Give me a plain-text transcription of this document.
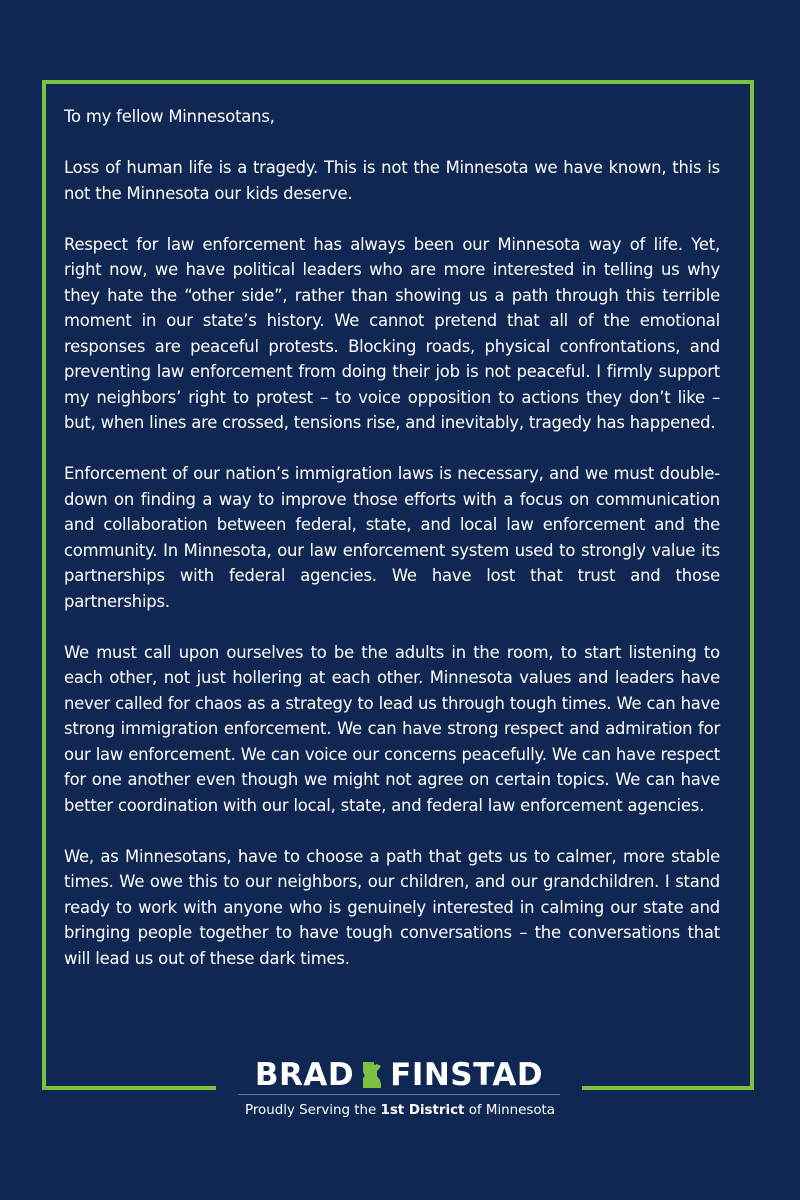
To my fellow Minnesotans,

Loss of human life is a tragedy. This is not the Minnesota we have known, this is not the Minnesota our kids deserve.

Respect for law enforcement has always been our Minnesota way of life. Yet, right now, we have political leaders who are more interested in telling us why they hate the “other side”, rather than showing us a path through this terrible moment in our state’s history. We cannot pretend that all of the emotional responses are peaceful protests. Blocking roads, physical confrontations, and preventing law enforcement from doing their job is not peaceful. I firmly support my neighbors’ right to protest – to voice opposition to actions they don’t like – but, when lines are crossed, tensions rise, and inevitably, tragedy has happened.

Enforcement of our nation’s immigration laws is necessary, and we must double-down on finding a way to improve those efforts with a focus on communication and collaboration between federal, state, and local law enforcement and the community. In Minnesota, our law enforcement system used to strongly value its partnerships with federal agencies. We have lost that trust and those partnerships.

We must call upon ourselves to be the adults in the room, to start listening to each other, not just hollering at each other. Minnesota values and leaders have never called for chaos as a strategy to lead us through tough times. We can have strong immigration enforcement. We can have strong respect and admiration for our law enforcement. We can voice our concerns peacefully. We can have respect for one another even though we might not agree on certain topics. We can have better coordination with our local, state, and federal law enforcement agencies.

We, as Minnesotans, have to choose a path that gets us to calmer, more stable times. We owe this to our neighbors, our children, and our grandchildren. I stand ready to work with anyone who is genuinely interested in calming our state and bringing people together to have tough conversations – the conversations that will lead us out of these dark times.

BRAD FINSTAD
Proudly Serving the 1st District of Minnesota
